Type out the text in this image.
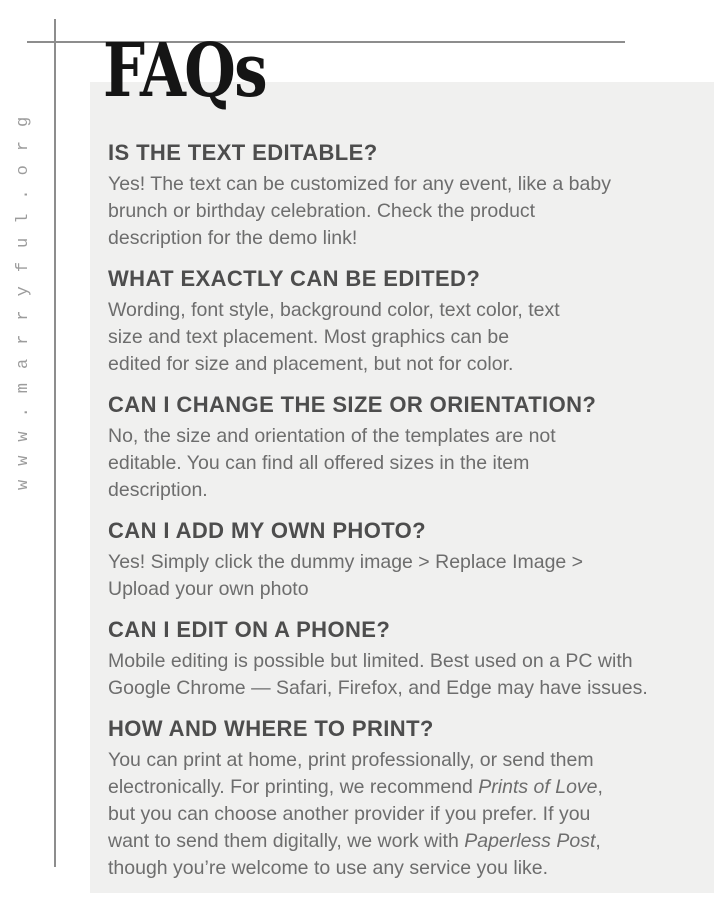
www.marryful.org
FAQs
IS THE TEXT EDITABLE?

Yes! The text can be customized for any event, like a baby
brunch or birthday celebration. Check the product
description for the demo link!

WHAT EXACTLY CAN BE EDITED?

Wording, font style, background color, text color, text
size and text placement. Most graphics can be
edited for size and placement, but not for color.

CAN I CHANGE THE SIZE OR ORIENTATION?

No, the size and orientation of the templates are not
editable. You can find all offered sizes in the item
description.

CAN I ADD MY OWN PHOTO?

Yes! Simply click the dummy image > Replace Image >
Upload your own photo

CAN I EDIT ON A PHONE?

Mobile editing is possible but limited. Best used on a PC with
Google Chrome — Safari, Firefox, and Edge may have issues.

HOW AND WHERE TO PRINT?

You can print at home, print professionally, or send them
electronically. For printing, we recommend Prints of Love,
but you can choose another provider if you prefer. If you
want to send them digitally, we work with Paperless Post,
though you’re welcome to use any service you like.
